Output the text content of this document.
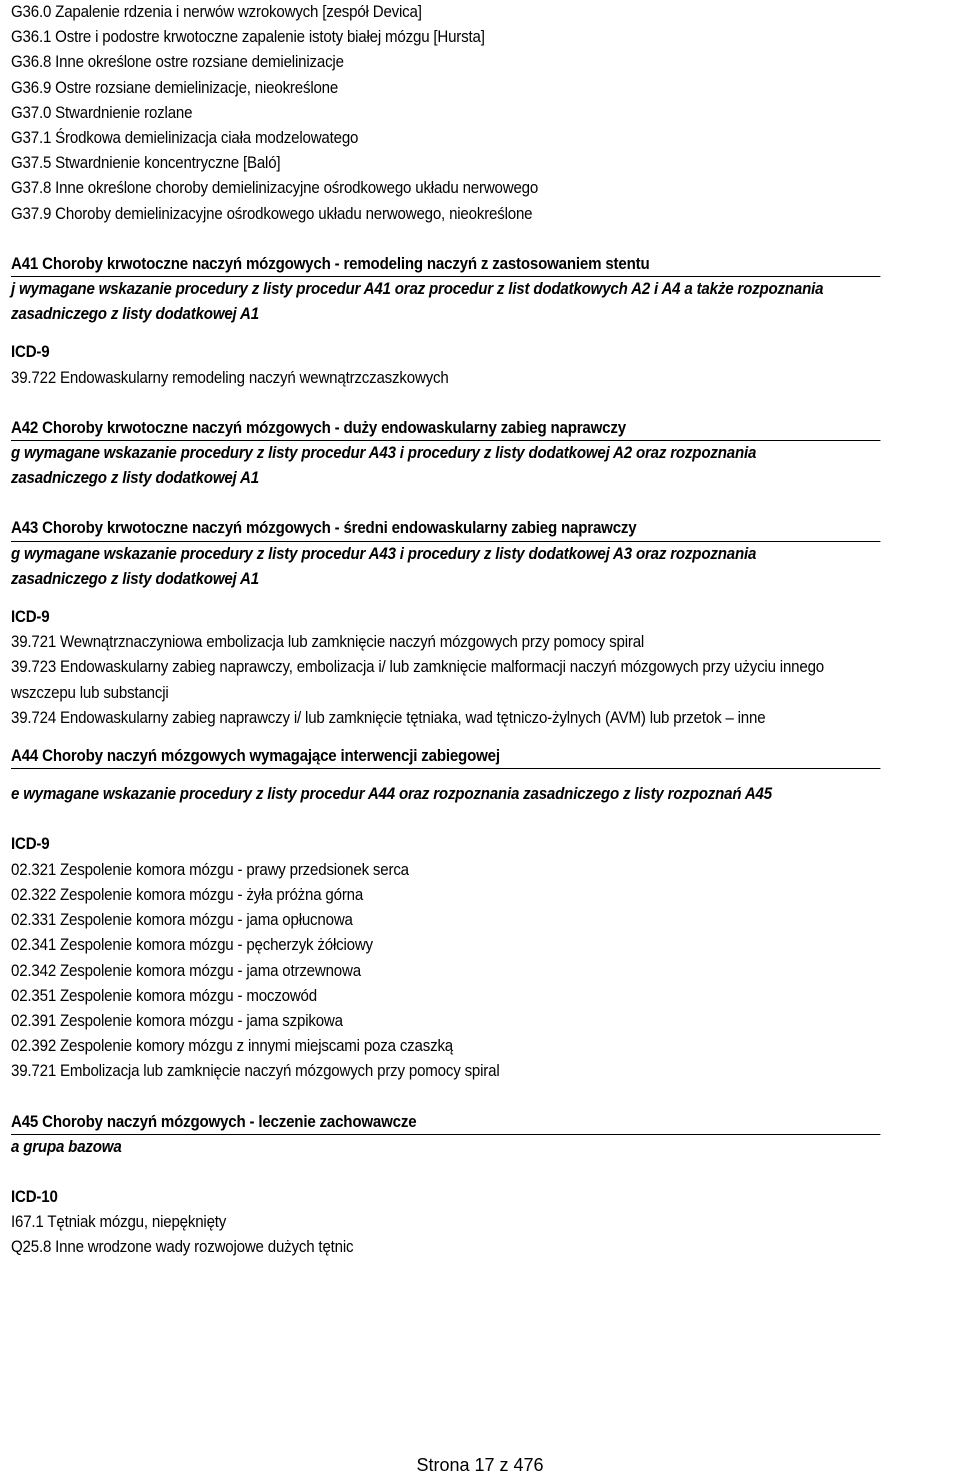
G36.0 Zapalenie rdzenia i nerwów wzrokowych [zespół Devica]
G36.1 Ostre i podostre krwotoczne zapalenie istoty białej mózgu [Hursta]
G36.8 Inne określone ostre rozsiane demielinizacje
G36.9 Ostre rozsiane demielinizacje, nieokreślone
G37.0 Stwardnienie rozlane
G37.1 Środkowa demielinizacja ciała modzelowatego
G37.5 Stwardnienie koncentryczne [Baló]
G37.8 Inne określone choroby demielinizacyjne ośrodkowego układu nerwowego
G37.9 Choroby demielinizacyjne ośrodkowego układu nerwowego, nieokreślone
A41 Choroby krwotoczne naczyń mózgowych - remodeling naczyń z zastosowaniem stentu
j wymagane wskazanie procedury z listy procedur A41 oraz procedur z list dodatkowych A2 i A4 a także rozpoznania
zasadniczego z listy dodatkowej A1
ICD-9
39.722 Endowaskularny remodeling naczyń wewnątrzczaszkowych
A42 Choroby krwotoczne naczyń mózgowych - duży endowaskularny zabieg naprawczy
g wymagane wskazanie procedury z listy procedur A43 i procedury z listy dodatkowej A2 oraz rozpoznania
zasadniczego z listy dodatkowej A1
A43 Choroby krwotoczne naczyń mózgowych - średni endowaskularny zabieg naprawczy
g wymagane wskazanie procedury z listy procedur A43 i procedury z listy dodatkowej A3 oraz rozpoznania
zasadniczego z listy dodatkowej A1
ICD-9
39.721 Wewnątrznaczyniowa embolizacja lub zamknięcie naczyń mózgowych przy pomocy spiral
39.723 Endowaskularny zabieg naprawczy, embolizacja i/ lub zamknięcie malformacji naczyń mózgowych przy użyciu innego
wszczepu lub substancji
39.724 Endowaskularny zabieg naprawczy i/ lub zamknięcie tętniaka, wad tętniczo-żylnych (AVM) lub przetok – inne
A44 Choroby naczyń mózgowych wymagające interwencji zabiegowej
e wymagane wskazanie procedury z listy procedur A44 oraz rozpoznania zasadniczego z listy rozpoznań A45
ICD-9
02.321 Zespolenie komora mózgu - prawy przedsionek serca
02.322 Zespolenie komora mózgu - żyła próżna górna
02.331 Zespolenie komora mózgu - jama opłucnowa
02.341 Zespolenie komora mózgu - pęcherzyk żółciowy
02.342 Zespolenie komora mózgu - jama otrzewnowa
02.351 Zespolenie komora mózgu - moczowód
02.391 Zespolenie komora mózgu - jama szpikowa
02.392 Zespolenie komory mózgu z innymi miejscami poza czaszką
39.721 Embolizacja lub zamknięcie naczyń mózgowych przy pomocy spiral
A45 Choroby naczyń mózgowych - leczenie zachowawcze
a grupa bazowa
ICD-10
I67.1 Tętniak mózgu, niepęknięty
Q25.8 Inne wrodzone wady rozwojowe dużych tętnic
Strona 17 z 476
